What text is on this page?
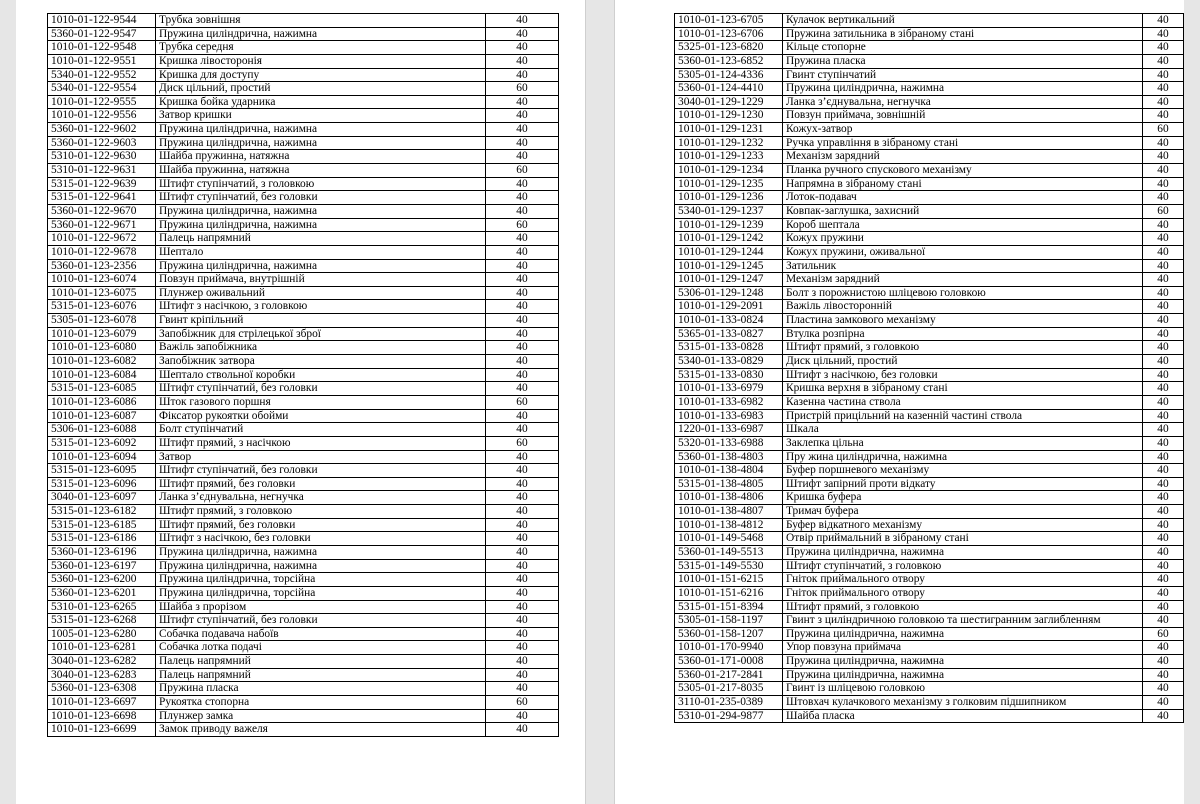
1010-01-122-9544	Трубка зовнішня	40
5360-01-122-9547	Пружина циліндрична, нажимна	40
1010-01-122-9548	Трубка середня	40
1010-01-122-9551	Кришка лівосторонія	40
5340-01-122-9552	Кришка для доступу	40
5340-01-122-9554	Диск цільний, простий	60
1010-01-122-9555	Кришка бойка ударника	40
1010-01-122-9556	Затвор кришки	40
5360-01-122-9602	Пружина циліндрична, нажимна	40
5360-01-122-9603	Пружина циліндрична, нажимна	40
5310-01-122-9630	Шайба пружинна, натяжна	40
5310-01-122-9631	Шайба пружинна, натяжна	60
5315-01-122-9639	Штифт ступінчатий, з головкою	40
5315-01-122-9641	Штифт ступінчатий, без головки	40
5360-01-122-9670	Пружина циліндрична, нажимна	40
5360-01-122-9671	Пружина циліндрична, нажимна	60
1010-01-122-9672	Палець напрямний	40
1010-01-122-9678	Шептало	40
5360-01-123-2356	Пружина циліндрична, нажимна	40
1010-01-123-6074	Повзун приймача, внутрішній	40
1010-01-123-6075	Плунжер оживальний	40
5315-01-123-6076	Штифт з насічкою, з головкою	40
5305-01-123-6078	Гвинт кріпільний	40
1010-01-123-6079	Запобіжник для стрілецької зброї	40
1010-01-123-6080	Важіль запобіжника	40
1010-01-123-6082	Запобіжник затвора	40
1010-01-123-6084	Шептало ствольної коробки	40
5315-01-123-6085	Штифт ступінчатий, без головки	40
1010-01-123-6086	Шток газового поршня	60
1010-01-123-6087	Фіксатор рукоятки обойми	40
5306-01-123-6088	Болт ступінчатий	40
5315-01-123-6092	Штифт прямий, з насічкою	60
1010-01-123-6094	Затвор	40
5315-01-123-6095	Штифт ступінчатий, без головки	40
5315-01-123-6096	Штифт прямий, без головки	40
3040-01-123-6097	Ланка з’єднувальна, негнучка	40
5315-01-123-6182	Штифт прямий, з головкою	40
5315-01-123-6185	Штифт прямий, без головки	40
5315-01-123-6186	Штифт з насічкою, без головки	40
5360-01-123-6196	Пружина циліндрична, нажимна	40
5360-01-123-6197	Пружина циліндрична, нажимна	40
5360-01-123-6200	Пружина циліндрична, торсійна	40
5360-01-123-6201	Пружина циліндрична, торсійна	40
5310-01-123-6265	Шайба з прорізом	40
5315-01-123-6268	Штифт ступінчатий, без головки	40
1005-01-123-6280	Собачка подавача набоїв	40
1010-01-123-6281	Собачка лотка подачі	40
3040-01-123-6282	Палець напрямний	40
3040-01-123-6283	Палець напрямний	40
5360-01-123-6308	Пружина пласка	40
1010-01-123-6697	Рукоятка стопорна	60
1010-01-123-6698	Плунжер замка	40
1010-01-123-6699	Замок приводу важеля	40
1010-01-123-6705	Кулачок вертикальний	40
1010-01-123-6706	Пружина затильника в зібраному стані	40
5325-01-123-6820	Кільце стопорне	40
5360-01-123-6852	Пружина пласка	40
5305-01-124-4336	Гвинт ступінчатий	40
5360-01-124-4410	Пружина циліндрична, нажимна	40
3040-01-129-1229	Ланка з’єднувальна, негнучка	40
1010-01-129-1230	Повзун приймача, зовнішній	40
1010-01-129-1231	Кожух-затвор	60
1010-01-129-1232	Ручка управління в зібраному стані	40
1010-01-129-1233	Механізм зарядний	40
1010-01-129-1234	Планка ручного спускового механізму	40
1010-01-129-1235	Напрямна в зібраному стані	40
1010-01-129-1236	Лоток-подавач	40
5340-01-129-1237	Ковпак-заглушка, захисний	60
1010-01-129-1239	Короб шептала	40
1010-01-129-1242	Кожух пружини	40
1010-01-129-1244	Кожух пружини, оживальної	40
1010-01-129-1245	Затильник	40
1010-01-129-1247	Механізм зарядний	40
5306-01-129-1248	Болт з порожнистою шліцевою головкою	40
1010-01-129-2091	Важіль лівосторонній	40
1010-01-133-0824	Пластина замкового механізму	40
5365-01-133-0827	Втулка розпірна	40
5315-01-133-0828	Штифт прямий, з головкою	40
5340-01-133-0829	Диск цільний, простий	40
5315-01-133-0830	Штифт з насічкою, без головки	40
1010-01-133-6979	Кришка верхня в зібраному стані	40
1010-01-133-6982	Казенна частина ствола	40
1010-01-133-6983	Пристрій прицільний на казенній частині ствола	40
1220-01-133-6987	Шкала	40
5320-01-133-6988	Заклепка цільна	40
5360-01-138-4803	Пру жина циліндрична, нажимна	40
1010-01-138-4804	Буфер поршневого механізму	40
5315-01-138-4805	Штифт запірний проти відкату	40
1010-01-138-4806	Кришка буфера	40
1010-01-138-4807	Тримач буфера	40
1010-01-138-4812	Буфер відкатного механізму	40
1010-01-149-5468	Отвір приймальний в зібраному стані	40
5360-01-149-5513	Пружина циліндрична, нажимна	40
5315-01-149-5530	Штифт ступінчатий, з головкою	40
1010-01-151-6215	Гніток приймального отвору	40
1010-01-151-6216	Гніток приймального отвору	40
5315-01-151-8394	Штифт прямий, з головкою	40
5305-01-158-1197	Гвинт з циліндричною головкою та шестигранним заглибленням	40
5360-01-158-1207	Пружина циліндрична, нажимна	60
1010-01-170-9940	Упор повзуна приймача	40
5360-01-171-0008	Пружина циліндрична, нажимна	40
5360-01-217-2841	Пружина циліндрична, нажимна	40
5305-01-217-8035	Гвинт із шліцевою головкою	40
3110-01-235-0389	Штовхач кулачкового механізму з голковим підшипником	40
5310-01-294-9877	Шайба пласка	40
